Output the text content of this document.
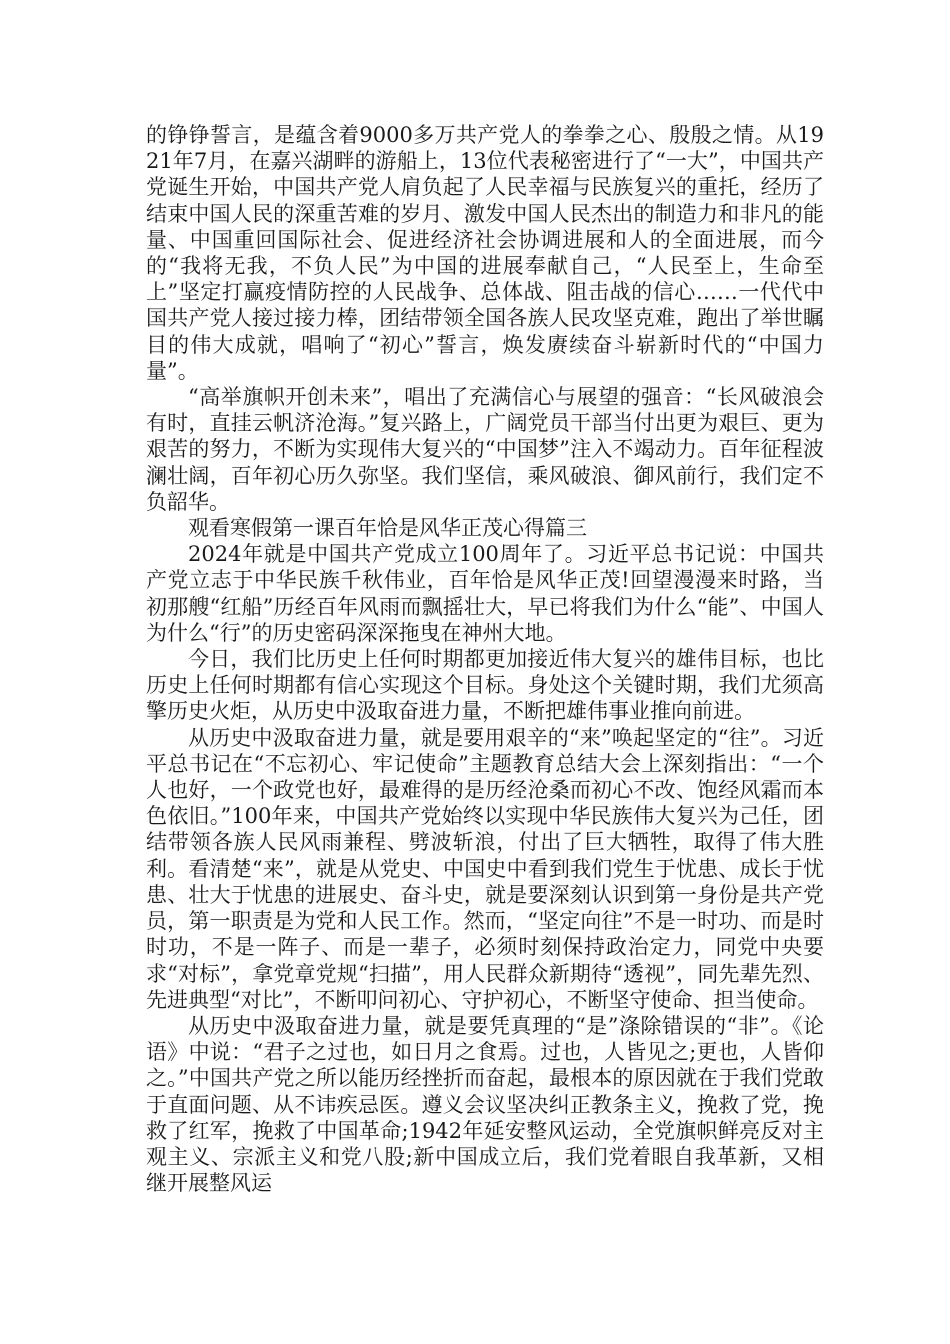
的铮铮誓言，是蕴含着9000多万共产党人的拳拳之心、殷殷之情。从1921年7月，在嘉兴湖畔的游船上，13位代表秘密进行了“一大”，中国共产党诞生开始，中国共产党人肩负起了人民幸福与民族复兴的重托，经历了结束中国人民的深重苦难的岁月、激发中国人民杰出的制造力和非凡的能量、中国重回国际社会、促进经济社会协调进展和人的全面进展，而今的“我将无我，不负人民”为中国的进展奉献自己，“人民至上，生命至上”坚定打赢疫情防控的人民战争、总体战、阻击战的信心……一代代中国共产党人接过接力棒，团结带领全国各族人民攻坚克难，跑出了举世瞩目的伟大成就，唱响了“初心”誓言，焕发赓续奋斗崭新时代的“中国力量”。

“高举旗帜开创未来”，唱出了充满信心与展望的强音：“长风破浪会有时，直挂云帆济沧海。”复兴路上，广阔党员干部当付出更为艰巨、更为艰苦的努力，不断为实现伟大复兴的“中国梦”注入不竭动力。百年征程波澜壮阔，百年初心历久弥坚。我们坚信，乘风破浪、御风前行，我们定不负韶华。

观看寒假第一课百年恰是风华正茂心得篇三

2024年就是中国共产党成立100周年了。习近平总书记说：中国共产党立志于中华民族千秋伟业，百年恰是风华正茂!回望漫漫来时路，当初那艘“红船”历经百年风雨而飘摇壮大，早已将我们为什么“能”、中国人为什么“行”的历史密码深深拖曳在神州大地。

今日，我们比历史上任何时期都更加接近伟大复兴的雄伟目标，也比历史上任何时期都有信心实现这个目标。身处这个关键时期，我们尤须高擎历史火炬，从历史中汲取奋进力量，不断把雄伟事业推向前进。

从历史中汲取奋进力量，就是要用艰辛的“来”唤起坚定的“往”。习近平总书记在“不忘初心、牢记使命”主题教育总结大会上深刻指出：“一个人也好，一个政党也好，最难得的是历经沧桑而初心不改、饱经风霜而本色依旧。”100年来，中国共产党始终以实现中华民族伟大复兴为己任，团结带领各族人民风雨兼程、劈波斩浪，付出了巨大牺牲，取得了伟大胜利。看清楚“来”，就是从党史、中国史中看到我们党生于忧患、成长于忧患、壮大于忧患的进展史、奋斗史，就是要深刻认识到第一身份是共产党员，第一职责是为党和人民工作。然而，“坚定向往”不是一时功、而是时时功，不是一阵子、而是一辈子，必须时刻保持政治定力，同党中央要求“对标”，拿党章党规“扫描”，用人民群众新期待“透视”，同先辈先烈、先进典型“对比”，不断叩问初心、守护初心，不断坚守使命、担当使命。

从历史中汲取奋进力量，就是要凭真理的“是”涤除错误的“非”。《论语》中说：“君子之过也，如日月之食焉。过也，人皆见之;更也，人皆仰之。”中国共产党之所以能历经挫折而奋起，最根本的原因就在于我们党敢于直面问题、从不讳疾忌医。遵义会议坚决纠正教条主义，挽救了党，挽救了红军，挽救了中国革命;1942年延安整风运动，全党旗帜鲜亮反对主观主义、宗派主义和党八股;新中国成立后，我们党着眼自我革新，又相继开展整风运
